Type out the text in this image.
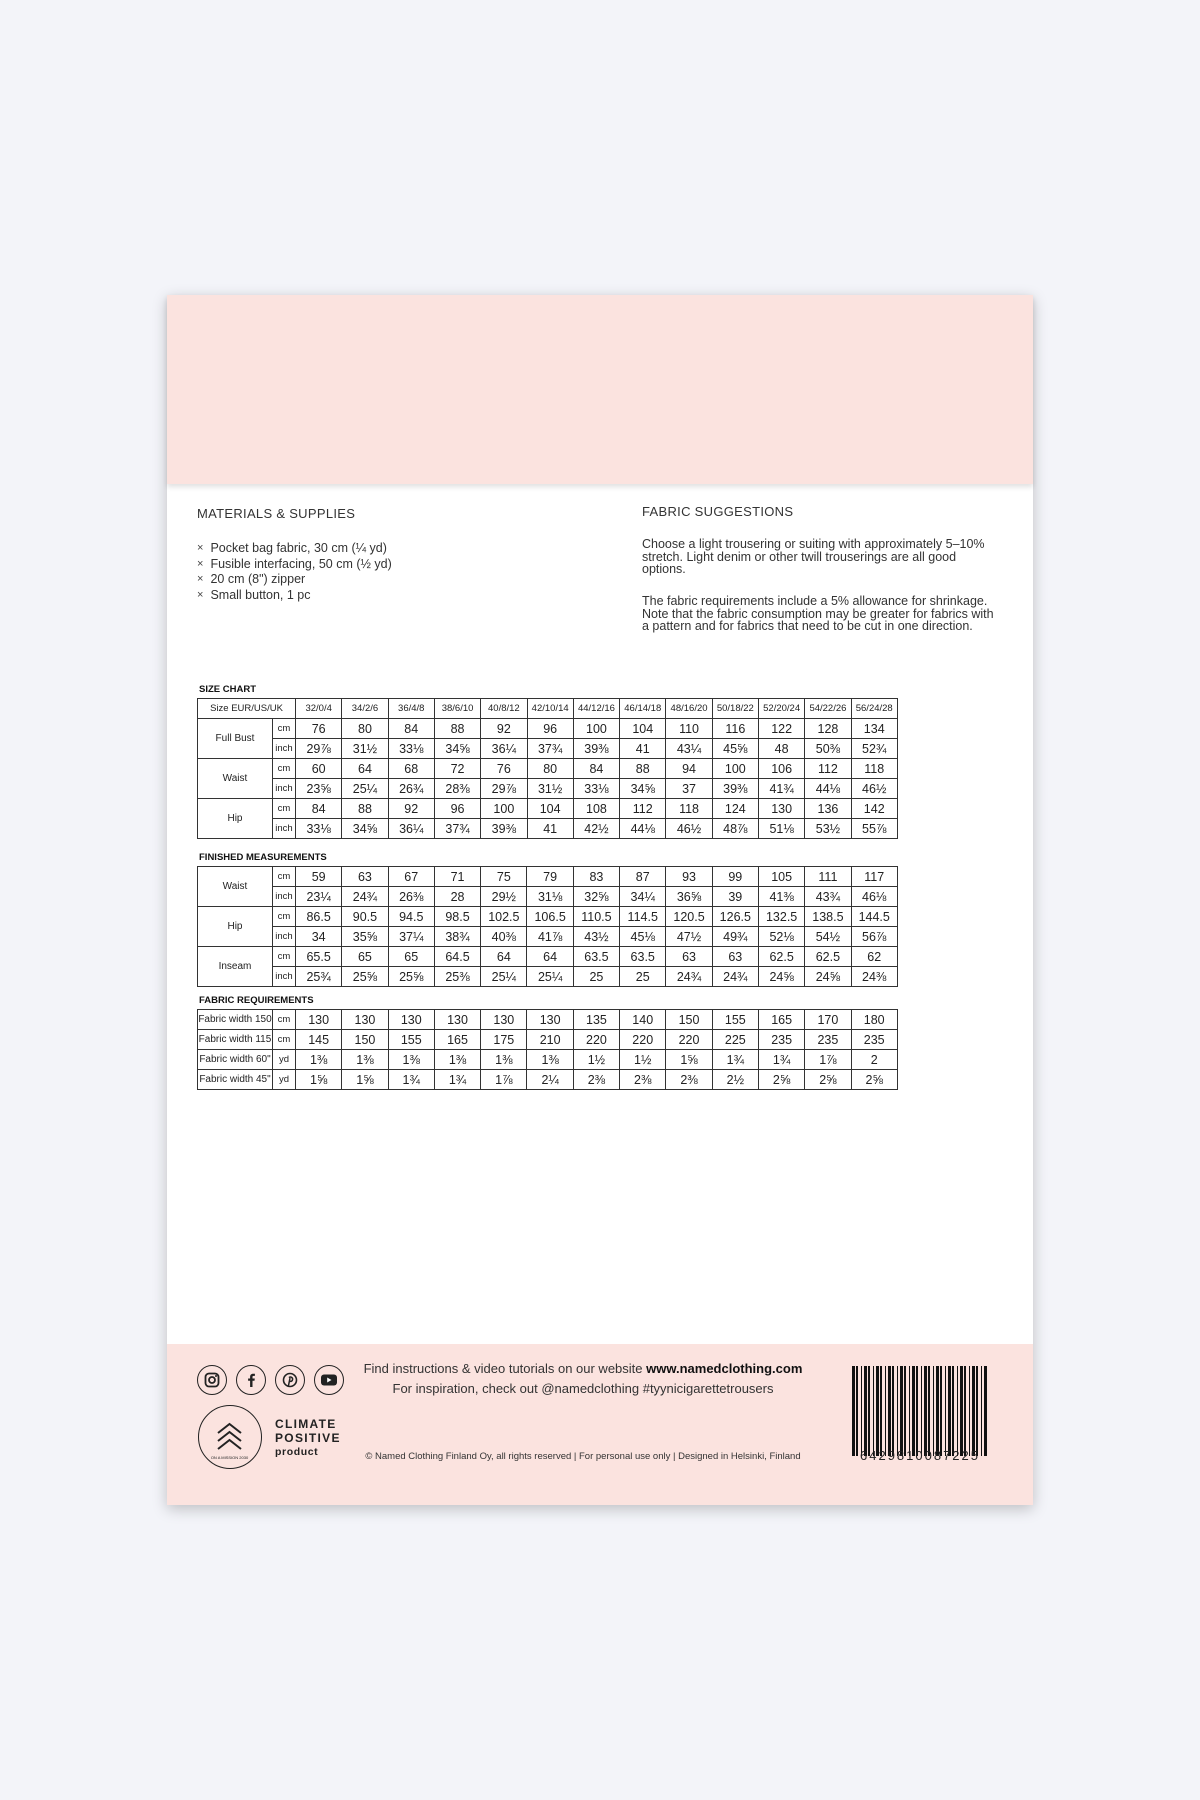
MATERIALS & SUPPLIES
× Pocket bag fabric, 30 cm (¼ yd)
× Fusible interfacing, 50 cm (½ yd)
× 20 cm (8") zipper
× Small button, 1 pc
FABRIC SUGGESTIONS

Choose a light trousering or suiting with approximately 5–10% stretch. Light denim or other twill trouserings are all good options.

The fabric requirements include a 5% allowance for shrinkage. Note that the fabric consumption may be greater for fabrics with a pattern and for fabrics that need to be cut in one direction.

SIZE CHART
Size EUR/US/UK		32/0/4	34/2/6	36/4/8	38/6/10	40/8/12	42/10/14	44/12/16	46/14/18	48/16/20	50/18/22	52/20/24	54/22/26	56/24/28
Full Bust	cm	76	80	84	88	92	96	100	104	110	116	122	128	134
	inch	29⅞	31½	33⅛	34⅝	36¼	37¾	39⅜	41	43¼	45⅝	48	50⅜	52¾
Waist	cm	60	64	68	72	76	80	84	88	94	100	106	112	118
	inch	23⅝	25¼	26¾	28⅜	29⅞	31½	33⅛	34⅝	37	39⅜	41¾	44⅛	46½
Hip	cm	84	88	92	96	100	104	108	112	118	124	130	136	142
	inch	33⅛	34⅝	36¼	37¾	39⅜	41	42½	44⅛	46½	48⅞	51⅛	53½	55⅞
FINISHED MEASUREMENTS
Waist	cm	59	63	67	71	75	79	83	87	93	99	105	111	117
	inch	23¼	24¾	26⅜	28	29½	31⅛	32⅝	34¼	36⅝	39	41⅜	43¾	46⅛
Hip	cm	86.5	90.5	94.5	98.5	102.5	106.5	110.5	114.5	120.5	126.5	132.5	138.5	144.5
	inch	34	35⅝	37¼	38¾	40⅜	41⅞	43½	45⅛	47½	49¾	52⅛	54½	56⅞
Inseam	cm	65.5	65	65	64.5	64	64	63.5	63.5	63	63	62.5	62.5	62
	inch	25¾	25⅝	25⅝	25⅜	25¼	25¼	25	25	24¾	24¾	24⅝	24⅝	24⅜
FABRIC REQUIREMENTS
Fabric width 150	cm	130	130	130	130	130	130	135	140	150	155	165	170	180
Fabric width 115	cm	145	150	155	165	175	210	220	220	220	225	235	235	235
Fabric width 60"	yd	1⅜	1⅜	1⅜	1⅜	1⅜	1⅜	1½	1½	1⅝	1¾	1¾	1⅞	2
Fabric width 45"	yd	1⅝	1⅝	1¾	1¾	1⅞	2¼	2⅜	2⅜	2⅜	2½	2⅝	2⅝	2⅝
ON A MISSION 2030
CLIMATE
POSITIVE
product
Find instructions & video tutorials on our website www.namedclothing.com
For inspiration, check out @namedclothing #tyynicigarettetrousers
© Named Clothing Finland Oy, all rights reserved | For personal use only | Designed in Helsinki, Finland	6429810087225
